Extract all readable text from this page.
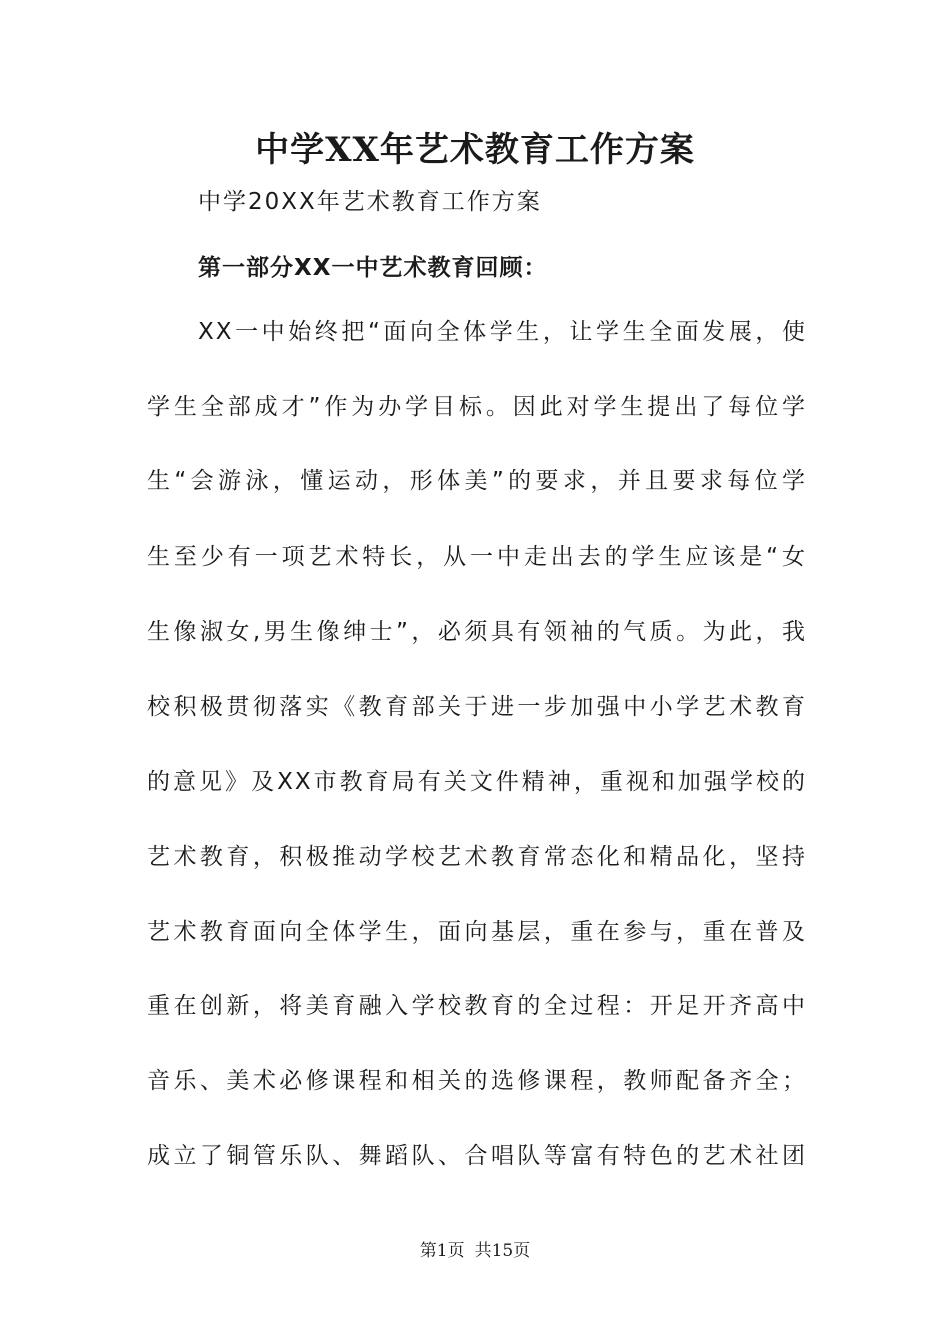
中学XX年艺术教育工作方案
中学20XX年艺术教育工作方案
第一部分XX一中艺术教育回顾：
XX一中始终把“面向全体学生，让学生全面发展，使
学生全部成才”作为办学目标。因此对学生提出了每位学
生“会游泳，懂运动，形体美”的要求，并且要求每位学
生至少有一项艺术特长，从一中走出去的学生应该是“女
生像淑女,男生像绅士”，必须具有领袖的气质。为此，我
校积极贯彻落实《教育部关于进一步加强中小学艺术教育
的意见》及XX市教育局有关文件精神，重视和加强学校的
艺术教育，积极推动学校艺术教育常态化和精品化，坚持
艺术教育面向全体学生，面向基层，重在参与，重在普及
重在创新，将美育融入学校教育的全过程：开足开齐高中
音乐、美术必修课程和相关的选修课程，教师配备齐全；
成立了铜管乐队、舞蹈队、合唱队等富有特色的艺术社团
第1页 共15页
